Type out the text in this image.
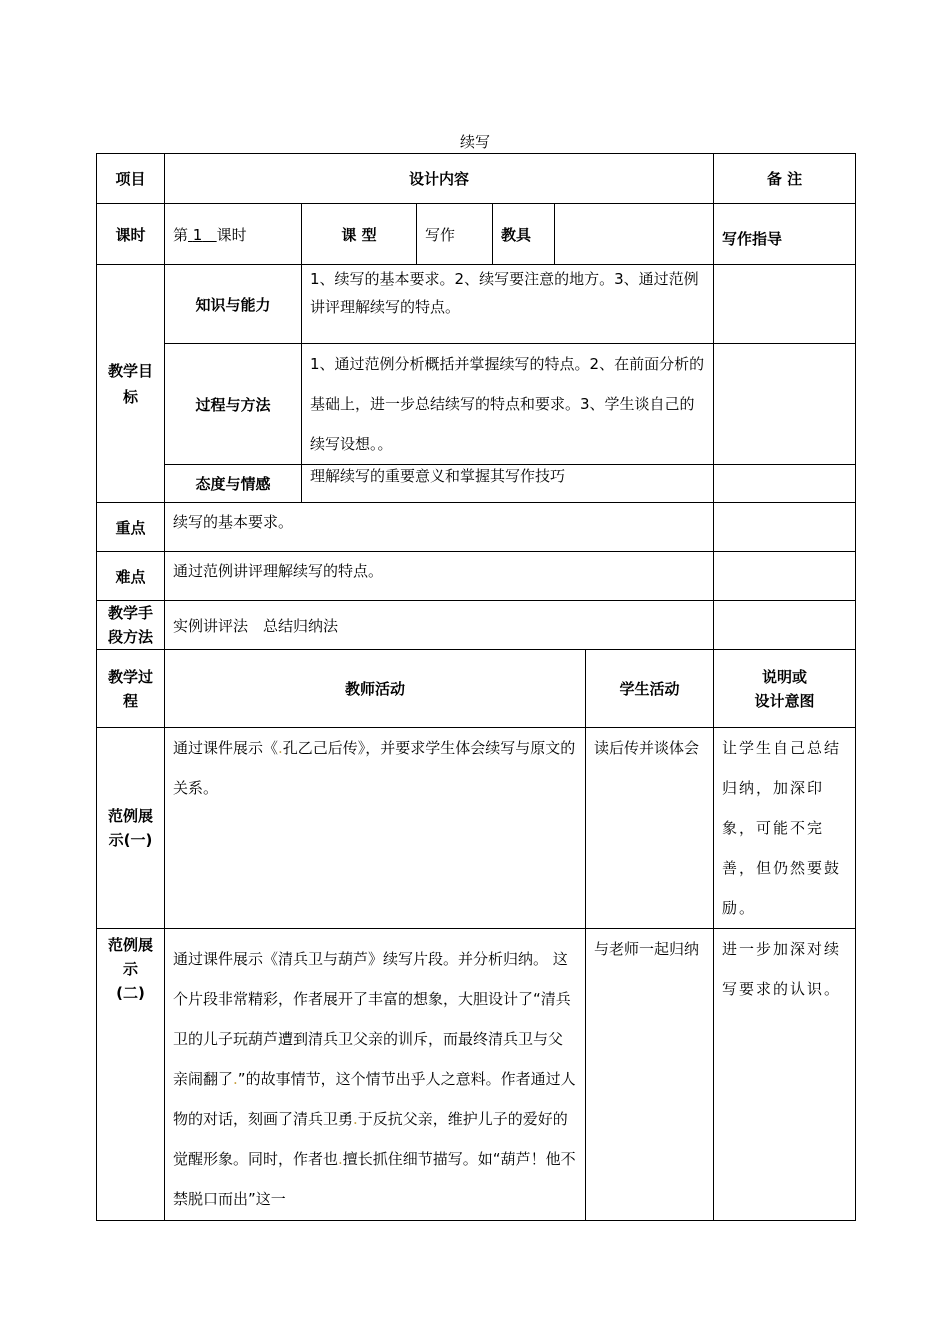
续写
项目	设计内容						备 注
课时	第 1 课时	课 型	写作	教具			写作指导
教学目标	知识与能力	1、续写的基本要求。2、续写要注意的地方。3、通过范例讲评理解续写的特点。					
	过程与方法	1、通过范例分析概括并掌握续写的特点。2、在前面分析的基础上，进一步总结续写的特点和要求。3、学生谈自己的续写设想。。					
	态度与情感	理解续写的重要意义和掌握其写作技巧					
重点	续写的基本要求。						
难点	通过范例讲评理解续写的特点。						
教学手段方法	实例讲评法　总结归纳法						
教学过程	教师活动					学生活动	说明或
设计意图

范例展示(一)	通过课件展示《.孔乙己后传》，并要求学生体会续写与原文的关系。					读后传并谈体会	让学生自己总结归纳，加深印象，可能不完善，但仍然要鼓励。

范例展
示
(二)	通过课件展示《清兵卫与葫芦》续写片段。并分析归纳。 这个片段非常精彩，作者展开了丰富的想象，大胆设计了“清兵卫的儿子玩葫芦遭到清兵卫父亲的训斥，而最终清兵卫与父亲闹翻了.”的故事情节，这个情节出乎人之意料。作者通过人物的对话，刻画了清兵卫勇.于反抗父亲，维护儿子的爱好的觉醒形象。同时，作者也.擅长抓住细节描写。如“葫芦！他不禁脱口而出”这一					与老师一起归纳	进一步加深对续写要求的认识。
